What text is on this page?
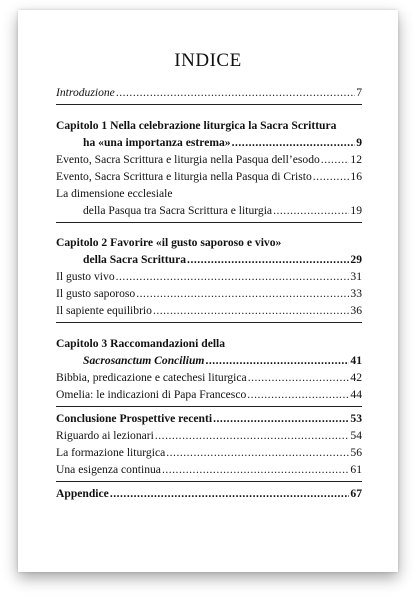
INDICE
Introduzione .....	7
Capitolo 1 Nella celebrazione liturgica la Sacra Scrittura
ha «una importanza estrema» .....	9
Evento, Sacra Scrittura e liturgia nella Pasqua dell’esodo .....	12
Evento, Sacra Scrittura e liturgia nella Pasqua di Cristo .....	16
La dimensione ecclesiale
della Pasqua tra Sacra Scrittura e liturgia .....	19
Capitolo 2 Favorire «il gusto saporoso e vivo»
della Sacra Scrittura .....	29
Il gusto vivo .....	31
Il gusto saporoso .....	33
Il sapiente equilibrio .....	36
Capitolo 3 Raccomandazioni della
Sacrosanctum Concilium .....	41
Bibbia, predicazione e catechesi liturgica .....	42
Omelia: le indicazioni di Papa Francesco .....	44
Conclusione Prospettive recenti .....	53
Riguardo ai lezionari .....	54
La formazione liturgica .....	56
Una esigenza continua .....	61
Appendice .....	67
